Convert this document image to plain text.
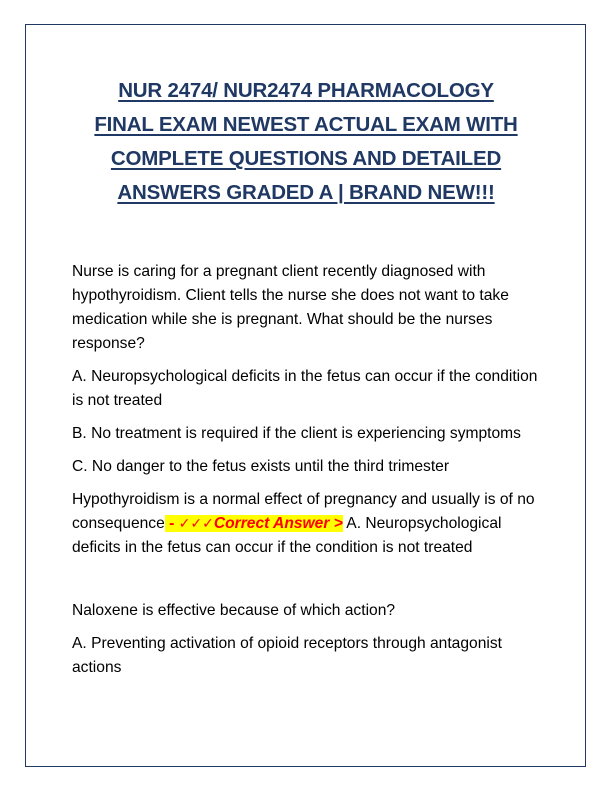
NUR 2474/ NUR2474 PHARMACOLOGY
FINAL EXAM NEWEST ACTUAL EXAM WITH
COMPLETE QUESTIONS AND DETAILED
ANSWERS GRADED A | BRAND NEW!!!

Nurse is caring for a pregnant client recently diagnosed with hypothyroidism. Client tells the nurse she does not want to take medication while she is pregnant. What should be the nurses response?

A. Neuropsychological deficits in the fetus can occur if the condition is not treated

B. No treatment is required if the client is experiencing symptoms

C. No danger to the fetus exists until the third trimester

Hypothyroidism is a normal effect of pregnancy and usually is of no consequence - ✓✓✓Correct Answer > A. Neuropsychological deficits in the fetus can occur if the condition is not treated

Naloxene is effective because of which action?

A. Preventing activation of opioid receptors through antagonist actions
